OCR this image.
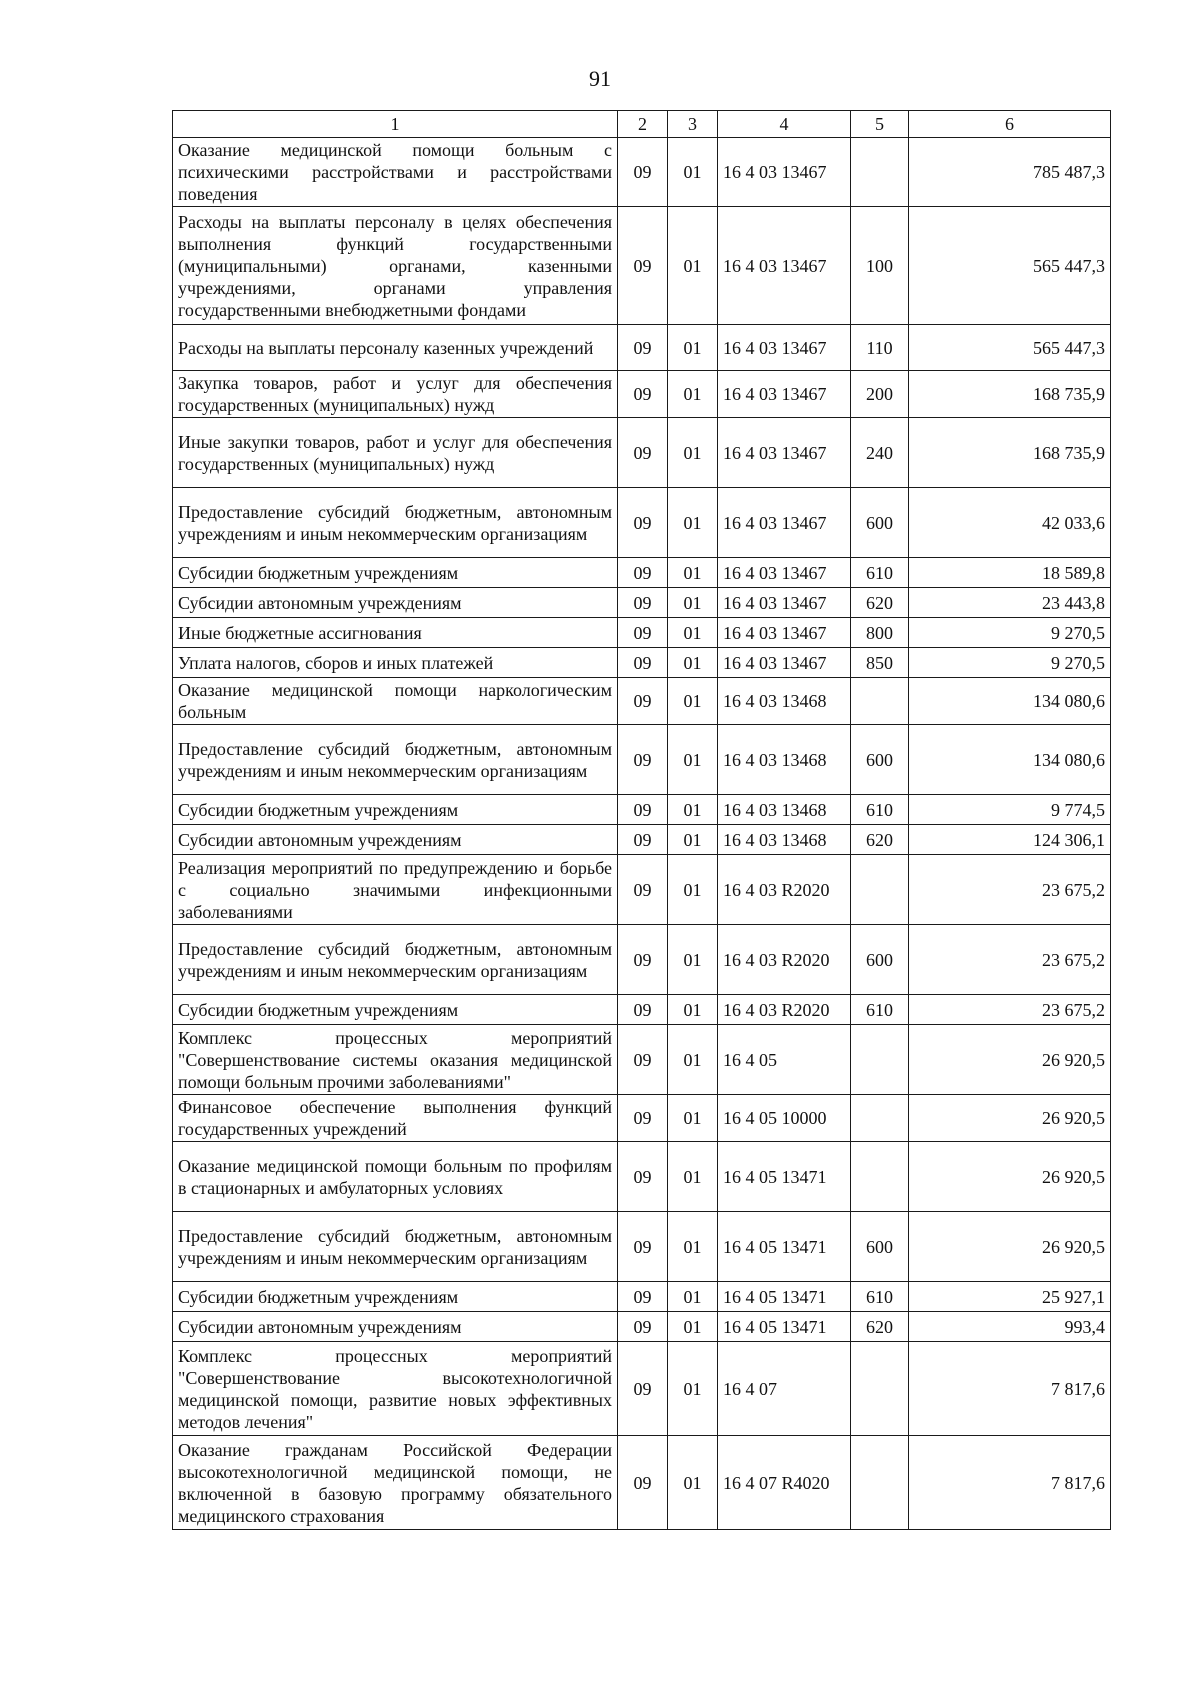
91
1	2	3	4	5	6
Оказание медицинской помощи больным с психическими расстройствами и расстройствами поведения	09	01	16 4 03 13467		785 487,3
Расходы на выплаты персоналу в целях обеспечения выполнения функций государственными (муниципальными) органами, казенными учреждениями, органами управления государственными внебюджетными фондами	09	01	16 4 03 13467	100	565 447,3
Расходы на выплаты персоналу казенных учреждений	09	01	16 4 03 13467	110	565 447,3
Закупка товаров, работ и услуг для обеспечения государственных (муниципальных) нужд	09	01	16 4 03 13467	200	168 735,9
Иные закупки товаров, работ и услуг для обеспечения государственных (муниципальных) нужд	09	01	16 4 03 13467	240	168 735,9
Предоставление субсидий бюджетным, автономным учреждениям и иным некоммерческим организациям	09	01	16 4 03 13467	600	42 033,6
Субсидии бюджетным учреждениям	09	01	16 4 03 13467	610	18 589,8
Субсидии автономным учреждениям	09	01	16 4 03 13467	620	23 443,8
Иные бюджетные ассигнования	09	01	16 4 03 13467	800	9 270,5
Уплата налогов, сборов и иных платежей	09	01	16 4 03 13467	850	9 270,5
Оказание медицинской помощи наркологическим больным	09	01	16 4 03 13468		134 080,6
Предоставление субсидий бюджетным, автономным учреждениям и иным некоммерческим организациям	09	01	16 4 03 13468	600	134 080,6
Субсидии бюджетным учреждениям	09	01	16 4 03 13468	610	9 774,5
Субсидии автономным учреждениям	09	01	16 4 03 13468	620	124 306,1
Реализация мероприятий по предупреждению и борьбе с социально значимыми инфекционными заболеваниями	09	01	16 4 03 R2020		23 675,2
Предоставление субсидий бюджетным, автономным учреждениям и иным некоммерческим организациям	09	01	16 4 03 R2020	600	23 675,2
Субсидии бюджетным учреждениям	09	01	16 4 03 R2020	610	23 675,2
Комплекс процессных мероприятий "Совершенствование системы оказания медицинской помощи больным прочими заболеваниями"	09	01	16 4 05		26 920,5
Финансовое обеспечение выполнения функций государственных учреждений	09	01	16 4 05 10000		26 920,5
Оказание медицинской помощи больным по профилям в стационарных и амбулаторных условиях	09	01	16 4 05 13471		26 920,5
Предоставление субсидий бюджетным, автономным учреждениям и иным некоммерческим организациям	09	01	16 4 05 13471	600	26 920,5
Субсидии бюджетным учреждениям	09	01	16 4 05 13471	610	25 927,1
Субсидии автономным учреждениям	09	01	16 4 05 13471	620	993,4
Комплекс процессных мероприятий "Совершенствование высокотехнологичной медицинской помощи, развитие новых эффективных методов лечения"	09	01	16 4 07		7 817,6
Оказание гражданам Российской Федерации высокотехнологичной медицинской помощи, не включенной в базовую программу обязательного медицинского страхования	09	01	16 4 07 R4020		7 817,6
